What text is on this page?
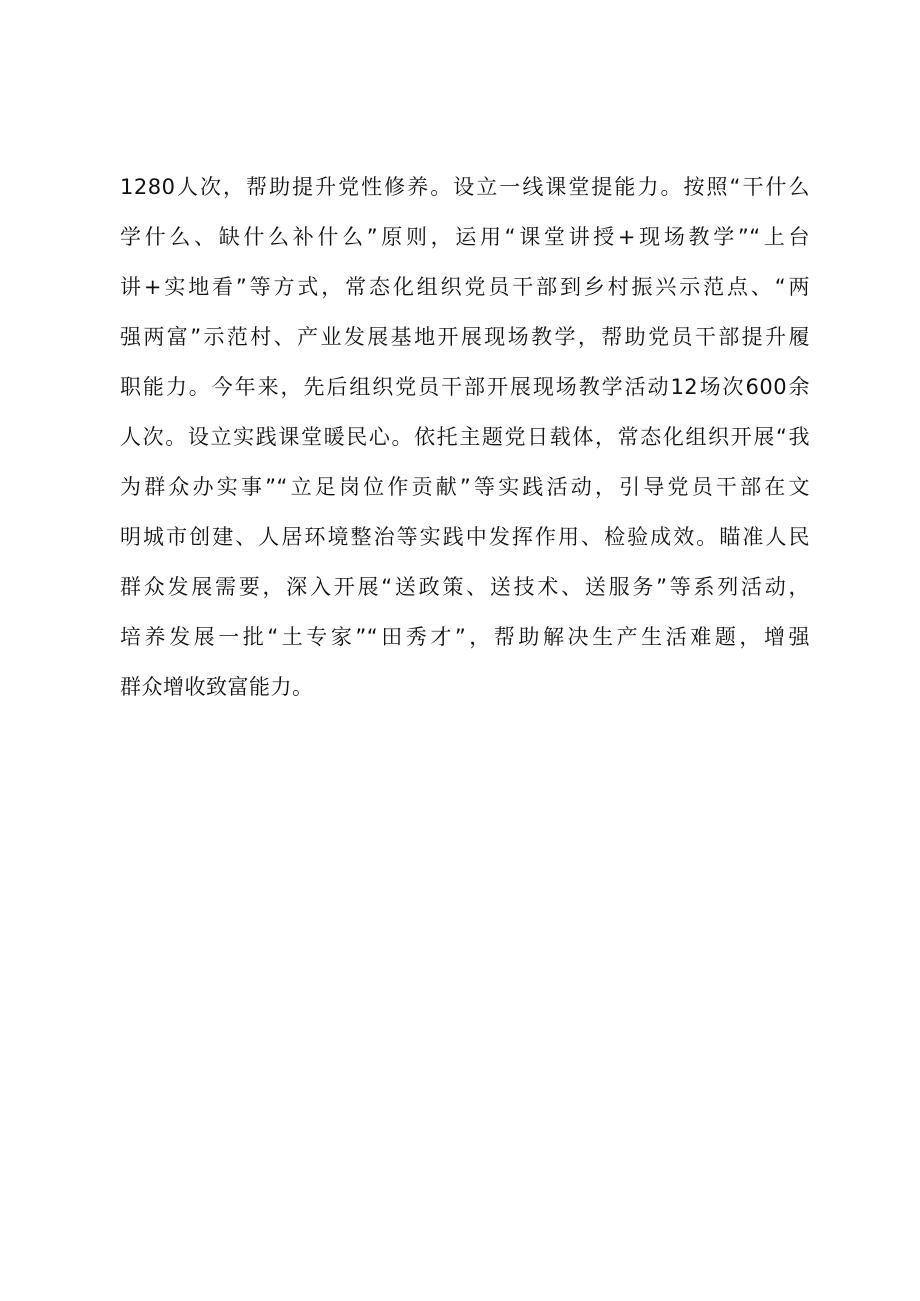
1280人次，帮助提升党性修养。设立一线课堂提能力。按照“干什么
学什么、缺什么补什么”原则，运用“课堂讲授+现场教学”“上台
讲+实地看”等方式，常态化组织党员干部到乡村振兴示范点、“两
强两富”示范村、产业发展基地开展现场教学，帮助党员干部提升履
职能力。今年来，先后组织党员干部开展现场教学活动12场次600余
人次。设立实践课堂暖民心。依托主题党日载体，常态化组织开展“我
为群众办实事”“立足岗位作贡献”等实践活动，引导党员干部在文
明城市创建、人居环境整治等实践中发挥作用、检验成效。瞄准人民
群众发展需要，深入开展“送政策、送技术、送服务”等系列活动，
培养发展一批“土专家”“田秀才”，帮助解决生产生活难题，增强
群众增收致富能力。
